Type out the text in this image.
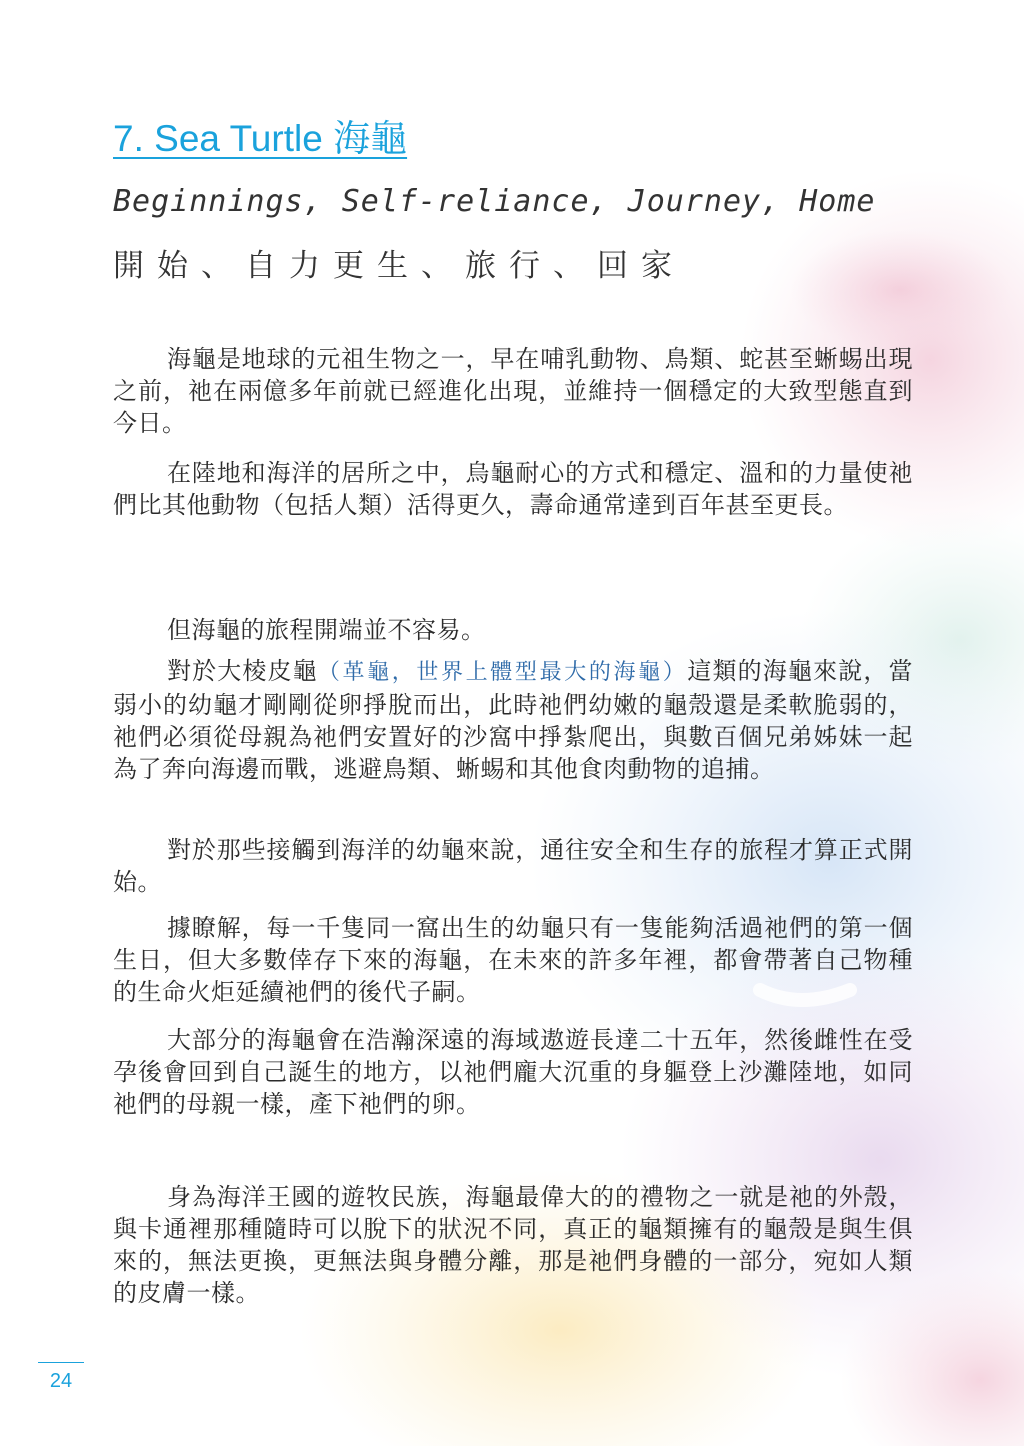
7. Sea Turtle 海龜

Beginnings, Self-reliance, Journey, Home

開始、自力更生、旅行、回家

海龜是地球的元祖生物之一，早在哺乳動物、鳥類、蛇甚至蜥蜴出現之前，祂在兩億多年前就已經進化出現，並維持一個穩定的大致型態直到今日。

在陸地和海洋的居所之中，烏龜耐心的方式和穩定、溫和的力量使祂們比其他動物（包括人類）活得更久，壽命通常達到百年甚至更長。

但海龜的旅程開端並不容易。

對於大棱皮龜（革龜，世界上體型最大的海龜）這類的海龜來說，當弱小的幼龜才剛剛從卵掙脫而出，此時祂們幼嫩的龜殼還是柔軟脆弱的，祂們必須從母親為祂們安置好的沙窩中掙紮爬出，與數百個兄弟姊妹一起為了奔向海邊而戰，逃避鳥類、蜥蜴和其他食肉動物的追捕。

對於那些接觸到海洋的幼龜來說，通往安全和生存的旅程才算正式開始。

據瞭解，每一千隻同一窩出生的幼龜只有一隻能夠活過祂們的第一個生日，但大多數倖存下來的海龜，在未來的許多年裡，都會帶著自己物種的生命火炬延續祂們的後代子嗣。

大部分的海龜會在浩瀚深遠的海域遨遊長達二十五年，然後雌性在受孕後會回到自己誕生的地方，以祂們龐大沉重的身軀登上沙灘陸地，如同祂們的母親一樣，產下祂們的卵。

身為海洋王國的遊牧民族，海龜最偉大的的禮物之一就是祂的外殼，與卡通裡那種隨時可以脫下的狀況不同，真正的龜類擁有的龜殼是與生俱來的，無法更換，更無法與身體分離，那是祂們身體的一部分，宛如人類的皮膚一樣。

24
